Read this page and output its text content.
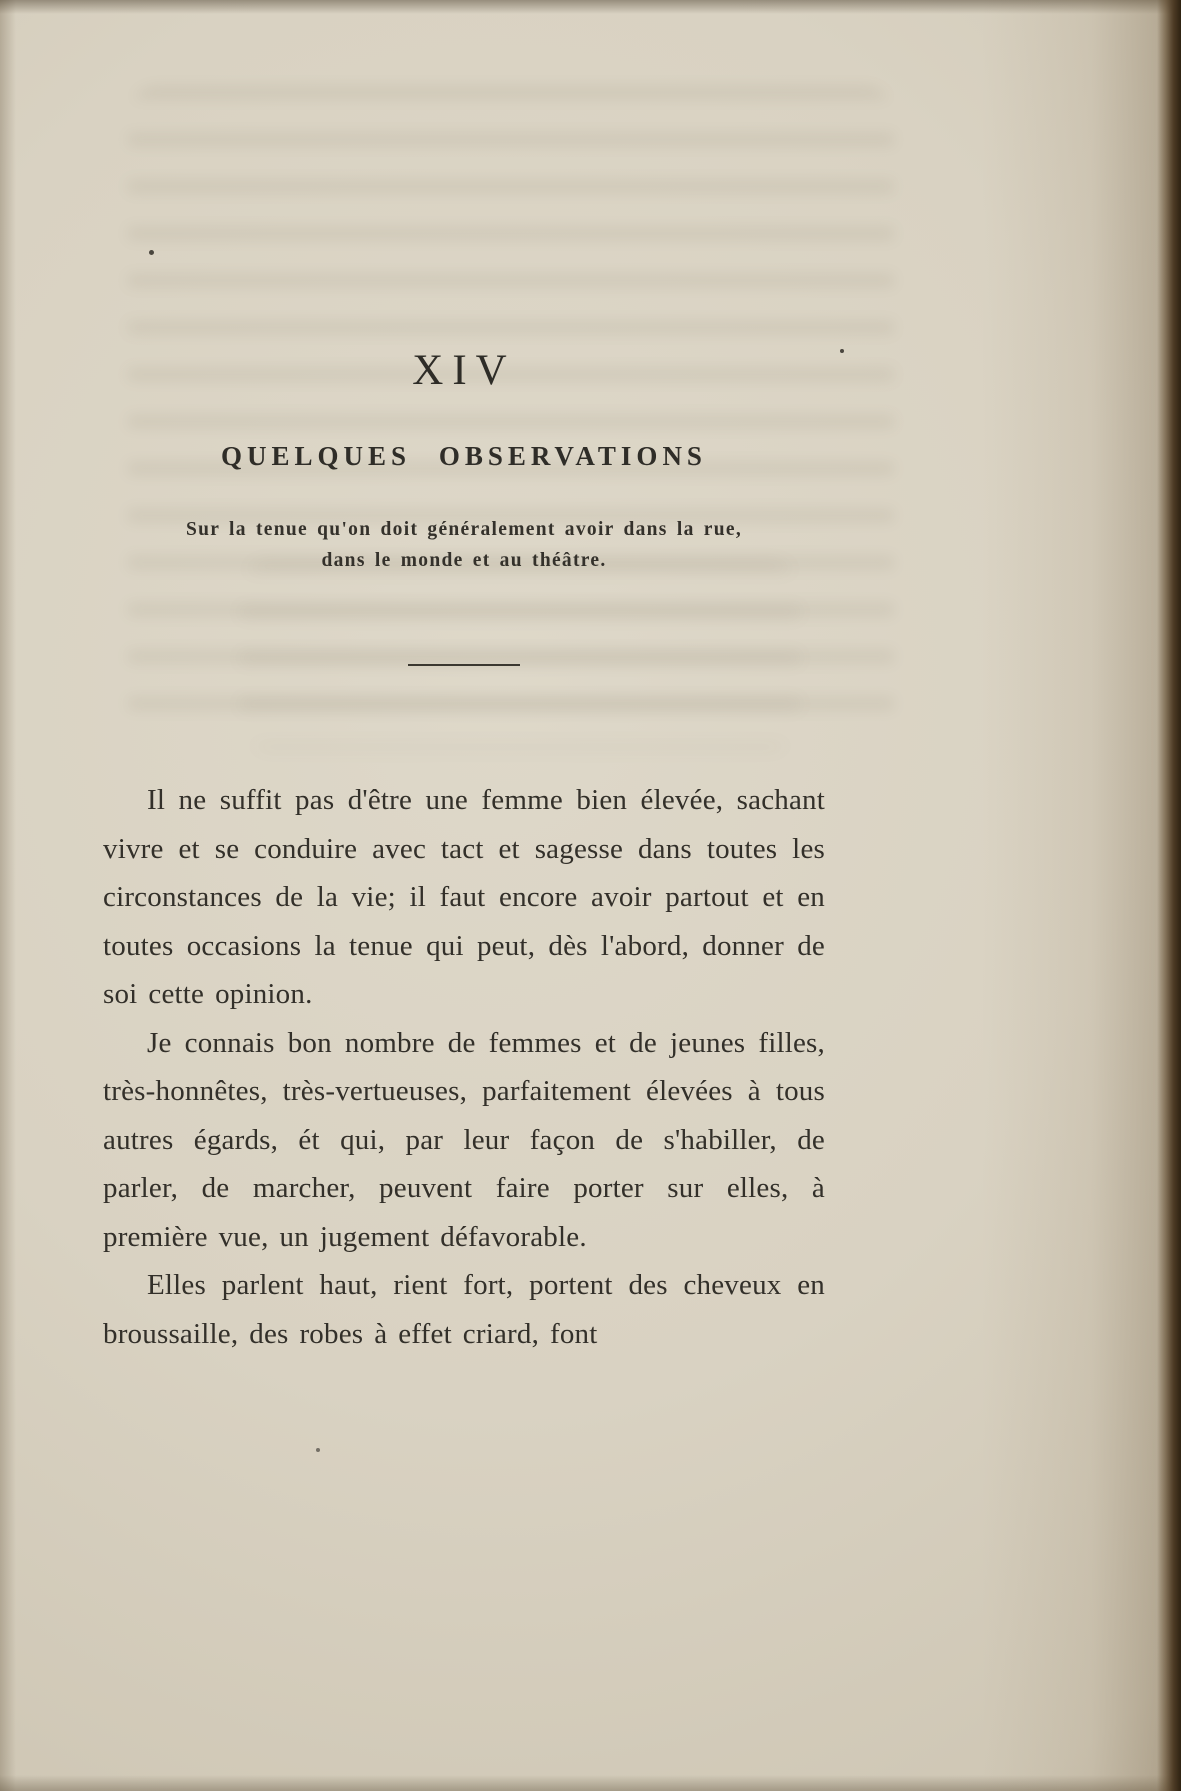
XIV
QUELQUES OBSERVATIONS

Sur la tenue qu'on doit généralement avoir dans la rue,
dans le monde et au théâtre.

Il ne suffit pas d'être une femme bien élevée, sachant vivre et se conduire avec tact et sagesse dans toutes les circonstances de la vie; il faut encore avoir partout et en toutes occasions la tenue qui peut, dès l'abord, donner de soi cette opinion.

Je connais bon nombre de femmes et de jeunes filles, très-honnêtes, très-vertueuses, parfaitement élevées à tous autres égards, ét qui, par leur façon de s'habiller, de parler, de marcher, peuvent faire porter sur elles, à première vue, un jugement défavorable.

Elles parlent haut, rient fort, portent des cheveux en broussaille, des robes à effet criard, font
